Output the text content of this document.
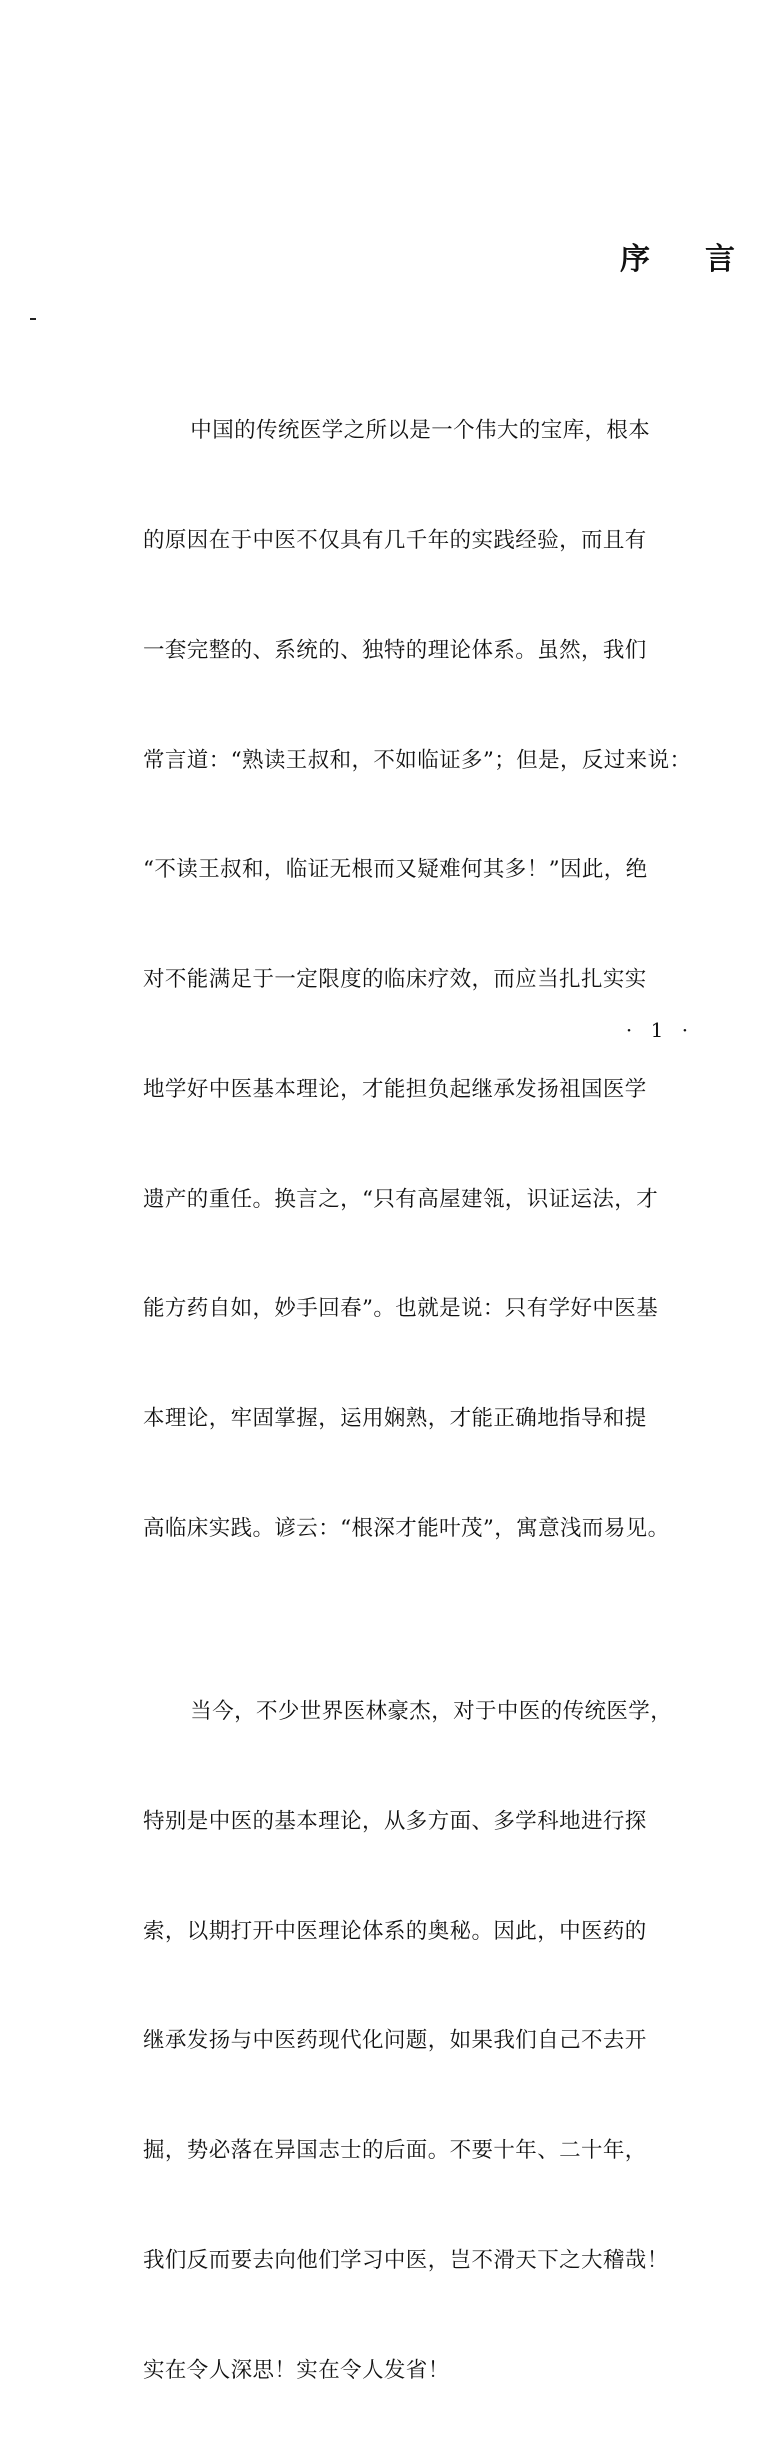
序 言

中国的传统医学之所以是一个伟大的宝库，根本

的原因在于中医不仅具有几千年的实践经验，而且有

一套完整的、系统的、独特的理论体系。虽然，我们

常言道：“熟读王叔和，不如临证多”；但是，反过来说：

“不读王叔和，临证无根而又疑难何其多！”因此，绝

对不能满足于一定限度的临床疗效，而应当扎扎实实

地学好中医基本理论，才能担负起继承发扬祖国医学

遗产的重任。换言之，“只有高屋建瓴，识证运法，才

能方药自如，妙手回春”。也就是说：只有学好中医基

本理论，牢固掌握，运用娴熟，才能正确地指导和提

高临床实践。谚云：“根深才能叶茂”，寓意浅而易见。

当今，不少世界医林豪杰，对于中医的传统医学，

特别是中医的基本理论，从多方面、多学科地进行探

索，以期打开中医理论体系的奥秘。因此，中医药的

继承发扬与中医药现代化问题，如果我们自己不去开

掘，势必落在异国志士的后面。不要十年、二十年，

我们反而要去向他们学习中医，岂不滑天下之大稽哉！

实在令人深思！实在令人发省！

· 1 ·
